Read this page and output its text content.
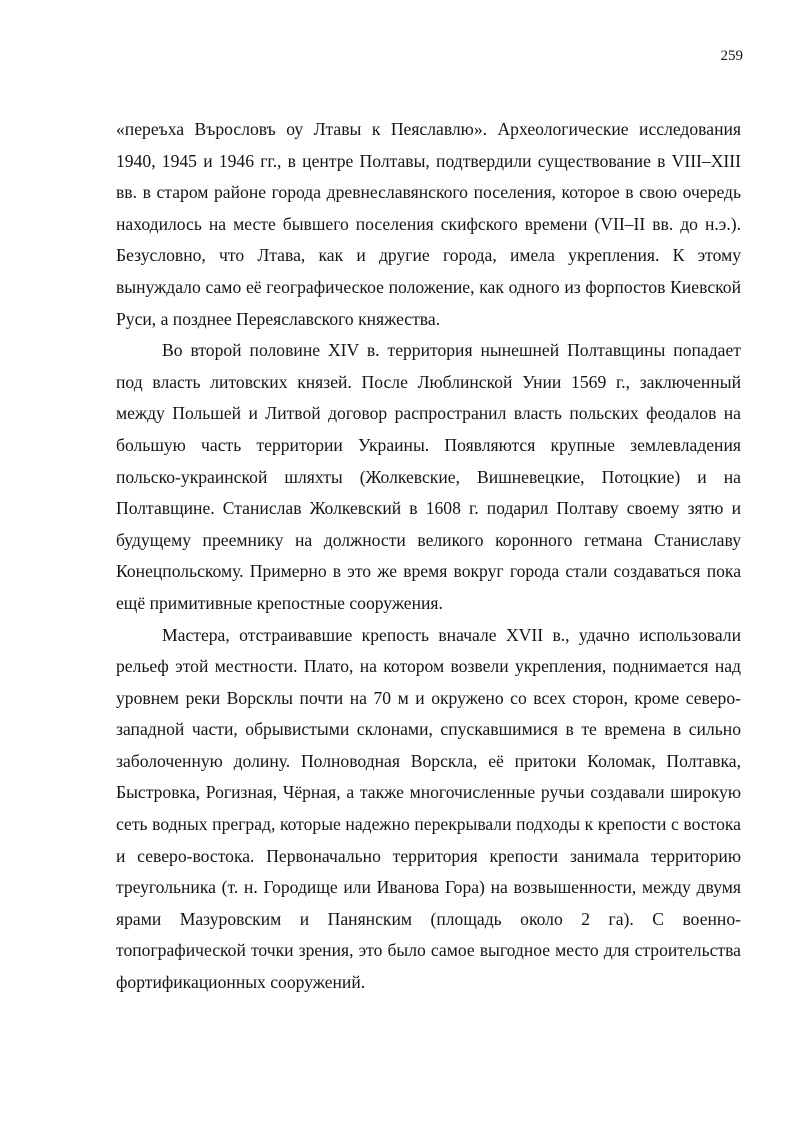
259

«переъха Върословъ оу Лтавы к Пеяславлю». Археологические исследования 1940, 1945 и 1946 гг., в центре Полтавы, подтвердили существование в VIII–XIII вв. в старом районе города древнеславянского поселения, которое в свою очередь находилось на месте бывшего поселения скифского времени (VII–II вв. до н.э.). Безусловно, что Лтава, как и другие города, имела укрепления. К этому вынуждало само её географическое положение, как одного из форпостов Киевской Руси, а позднее Переяславского княжества.

Во второй половине XIV в. территория нынешней Полтавщины попадает под власть литовских князей. После Люблинской Унии 1569 г., заключенный между Польшей и Литвой договор распространил власть польских феодалов на большую часть территории Украины. Появляются крупные землевладения польско-украинской шляхты (Жолкевские, Вишневецкие, Потоцкие) и на Полтавщине. Станислав Жолкевский в 1608 г. подарил Полтаву своему зятю и будущему преемнику на должности великого коронного гетмана Станиславу Конецпольскому. Примерно в это же время вокруг города стали создаваться пока ещё примитивные крепостные сооружения.

Мастера, отстраивавшие крепость вначале XVII в., удачно использовали рельеф этой местности. Плато, на котором возвели укрепления, поднимается над уровнем реки Ворсклы почти на 70 м и окружено со всех сторон, кроме северо-западной части, обрывистыми склонами, спускавшимися в те времена в сильно заболоченную долину. Полноводная Ворскла, её притоки Коломак, Полтавка, Быстровка, Рогизная, Чёрная, а также многочисленные ручьи создавали широкую сеть водных преград, которые надежно перекрывали подходы к крепости с востока и северо-востока. Первоначально территория крепости занимала территорию треугольника (т. н. Городище или Иванова Гора) на возвышенности, между двумя ярами Мазуровским и Панянским (площадь около 2 га). С военно-топографической точки зрения, это было самое выгодное место для строительства фортификационных сооружений.
